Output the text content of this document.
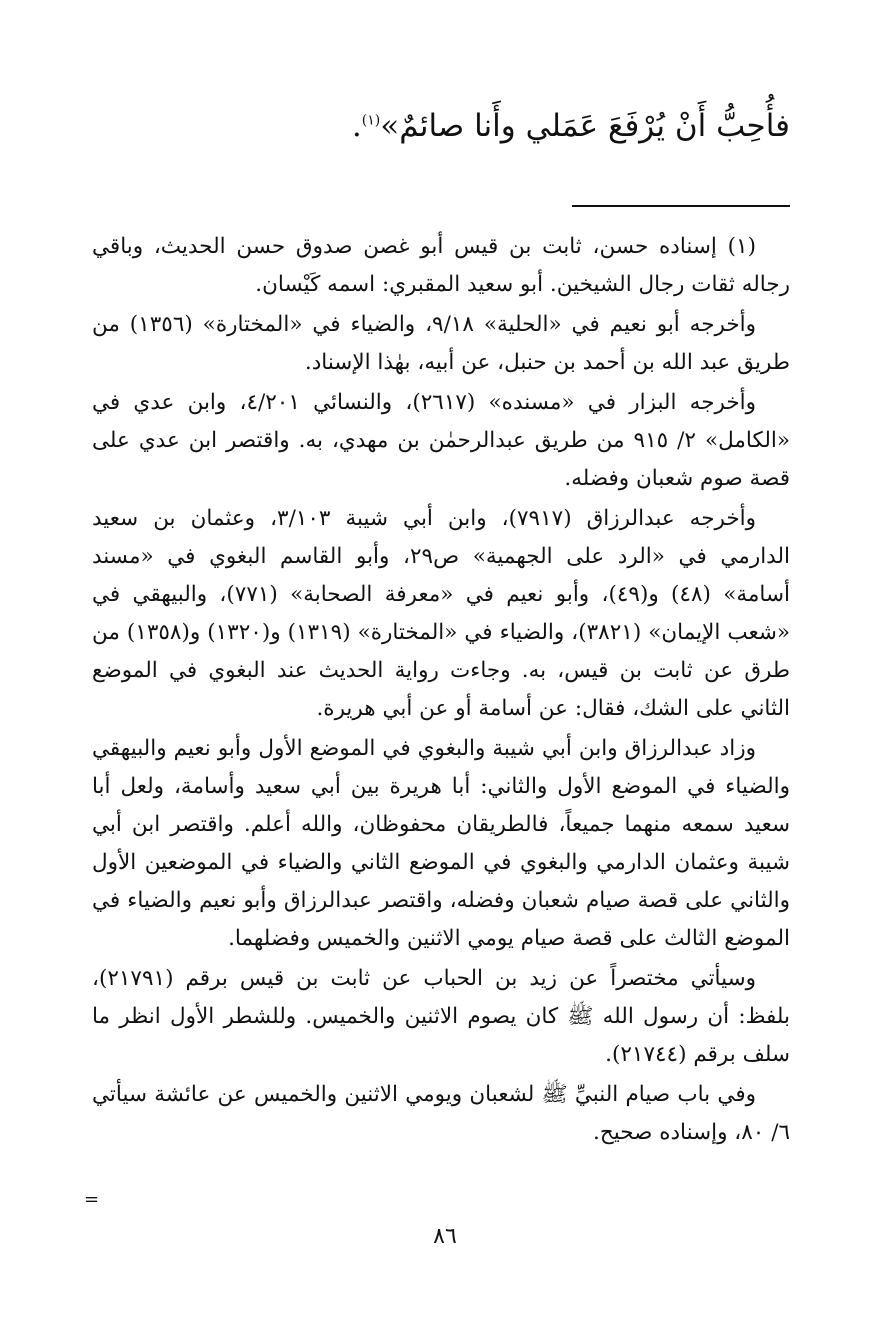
فأُحِبُّ أَنْ يُرْفَعَ عَمَلي وأَنا صائمٌ»$^{(١)}$.

(١) إسناده حسن، ثابت بن قيس أبو غصن صدوق حسن الحديث، وباقي رجاله ثقات رجال الشيخين. أبو سعيد المقبري: اسمه كَيْسان.

وأخرجه أبو نعيم في «الحلية» ٩/١٨، والضياء في «المختارة» (١٣٥٦) من طريق عبد الله بن أحمد بن حنبل، عن أبيه، بهٰذا الإسناد.

وأخرجه البزار في «مسنده» (٢٦١٧)، والنسائي ٤/٢٠١، وابن عدي في «الكامل» ٢/ ٩١٥ من طريق عبدالرحمٰن بن مهدي، به. واقتصر ابن عدي على قصة صوم شعبان وفضله.

وأخرجه عبدالرزاق (٧٩١٧)، وابن أبي شيبة ٣/١٠٣، وعثمان بن سعيد الدارمي في «الرد على الجهمية» ص٢٩، وأبو القاسم البغوي في «مسند أسامة» (٤٨) و(٤٩)، وأبو نعيم في «معرفة الصحابة» (٧٧١)، والبيهقي في «شعب الإيمان» (٣٨٢١)، والضياء في «المختارة» (١٣١٩) و(١٣٢٠) و(١٣٥٨) من طرق عن ثابت بن قيس، به. وجاءت رواية الحديث عند البغوي في الموضع الثاني على الشك، فقال: عن أسامة أو عن أبي هريرة.

وزاد عبدالرزاق وابن أبي شيبة والبغوي في الموضع الأول وأبو نعيم والبيهقي والضياء في الموضع الأول والثاني: أبا هريرة بين أبي سعيد وأسامة، ولعل أبا سعيد سمعه منهما جميعاً، فالطريقان محفوظان، والله أعلم. واقتصر ابن أبي شيبة وعثمان الدارمي والبغوي في الموضع الثاني والضياء في الموضعين الأول والثاني على قصة صيام شعبان وفضله، واقتصر عبدالرزاق وأبو نعيم والضياء في الموضع الثالث على قصة صيام يومي الاثنين والخميس وفضلهما.

وسيأتي مختصراً عن زيد بن الحباب عن ثابت بن قيس برقم (٢١٧٩١)، بلفظ: أن رسول الله ﷺ كان يصوم الاثنين والخميس. وللشطر الأول انظر ما سلف برقم (٢١٧٤٤).

وفي باب صيام النبيِّ ﷺ لشعبان ويومي الاثنين والخميس عن عائشة سيأتي ٦/ ٨٠، وإسناده صحيح.

=
٨٦
